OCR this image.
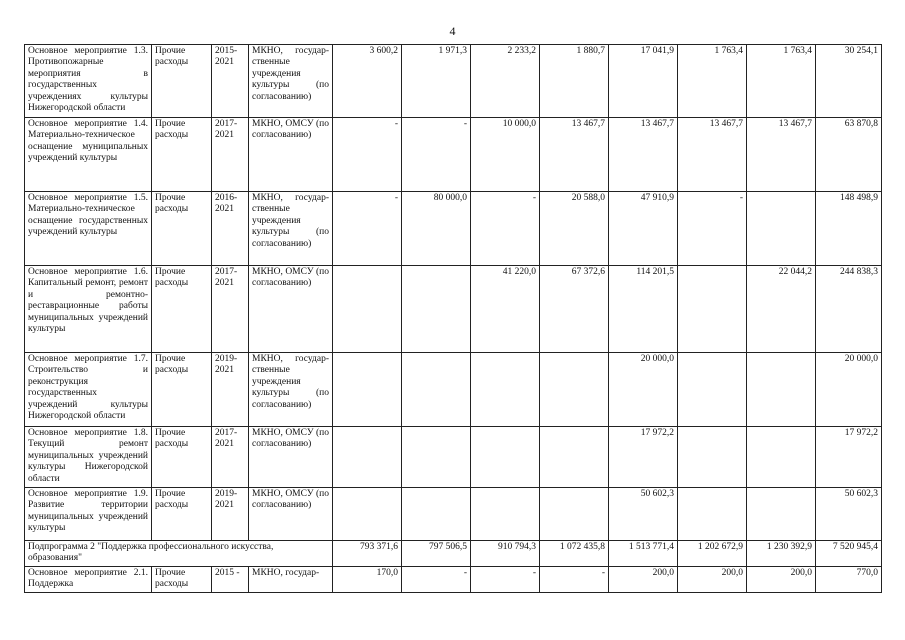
4
Основное мероприятие 1.3. Противопожарные мероприятия в государственных учреждениях культуры Нижегородской области	Прочие расходы	2015-2021	МКНО, государ-ственные учреждения культуры (по согласованию)	3 600,2	1 971,3	2 233,2	1 880,7	17 041,9	1 763,4	1 763,4	30 254,1
Основное мероприятие 1.4. Материально-техническое оснащение муниципальных учреждений культуры	Прочие расходы	2017-2021	МКНО, ОМСУ (по согласованию)	-	-	10 000,0	13 467,7	13 467,7	13 467,7	13 467,7	63 870,8
Основное мероприятие 1.5. Материально-техническое оснащение государственных учреждений культуры	Прочие расходы	2016-2021	МКНО, государ-ственные учреждения культуры (по согласованию)	-	80 000,0	-	20 588,0	47 910,9	-		148 498,9
Основное мероприятие 1.6. Капитальный ремонт, ремонт и ремонтно-реставрационные работы муниципальных учреждений культуры	Прочие расходы	2017-2021	МКНО, ОМСУ (по согласованию)			41 220,0	67 372,6	114 201,5		22 044,2	244 838,3
Основное мероприятие 1.7. Строительство и реконструкция государственных учреждений культуры Нижегородской области	Прочие расходы	2019-2021	МКНО, государ-ственные учреждения культуры (по согласованию)					20 000,0			20 000,0
Основное мероприятие 1.8. Текущий ремонт муниципальных учреждений культуры Нижегородской области	Прочие расходы	2017-2021	МКНО, ОМСУ (по согласованию)					17 972,2			17 972,2
Основное мероприятие 1.9. Развитие территории муниципальных учреждений культуры	Прочие расходы	2019-2021	МКНО, ОМСУ (по согласованию)					50 602,3			50 602,3
Подпрограмма 2 "Поддержка профессионального искусства, образования"				793 371,6	797 506,5	910 794,3	1 072 435,8	1 513 771,4	1 202 672,9	1 230 392,9	7 520 945,4
Основное мероприятие 2.1. Поддержка	Прочие расходы	2015 -	МКНО, государ-	170,0	-	-	-	200,0	200,0	200,0	770,0
